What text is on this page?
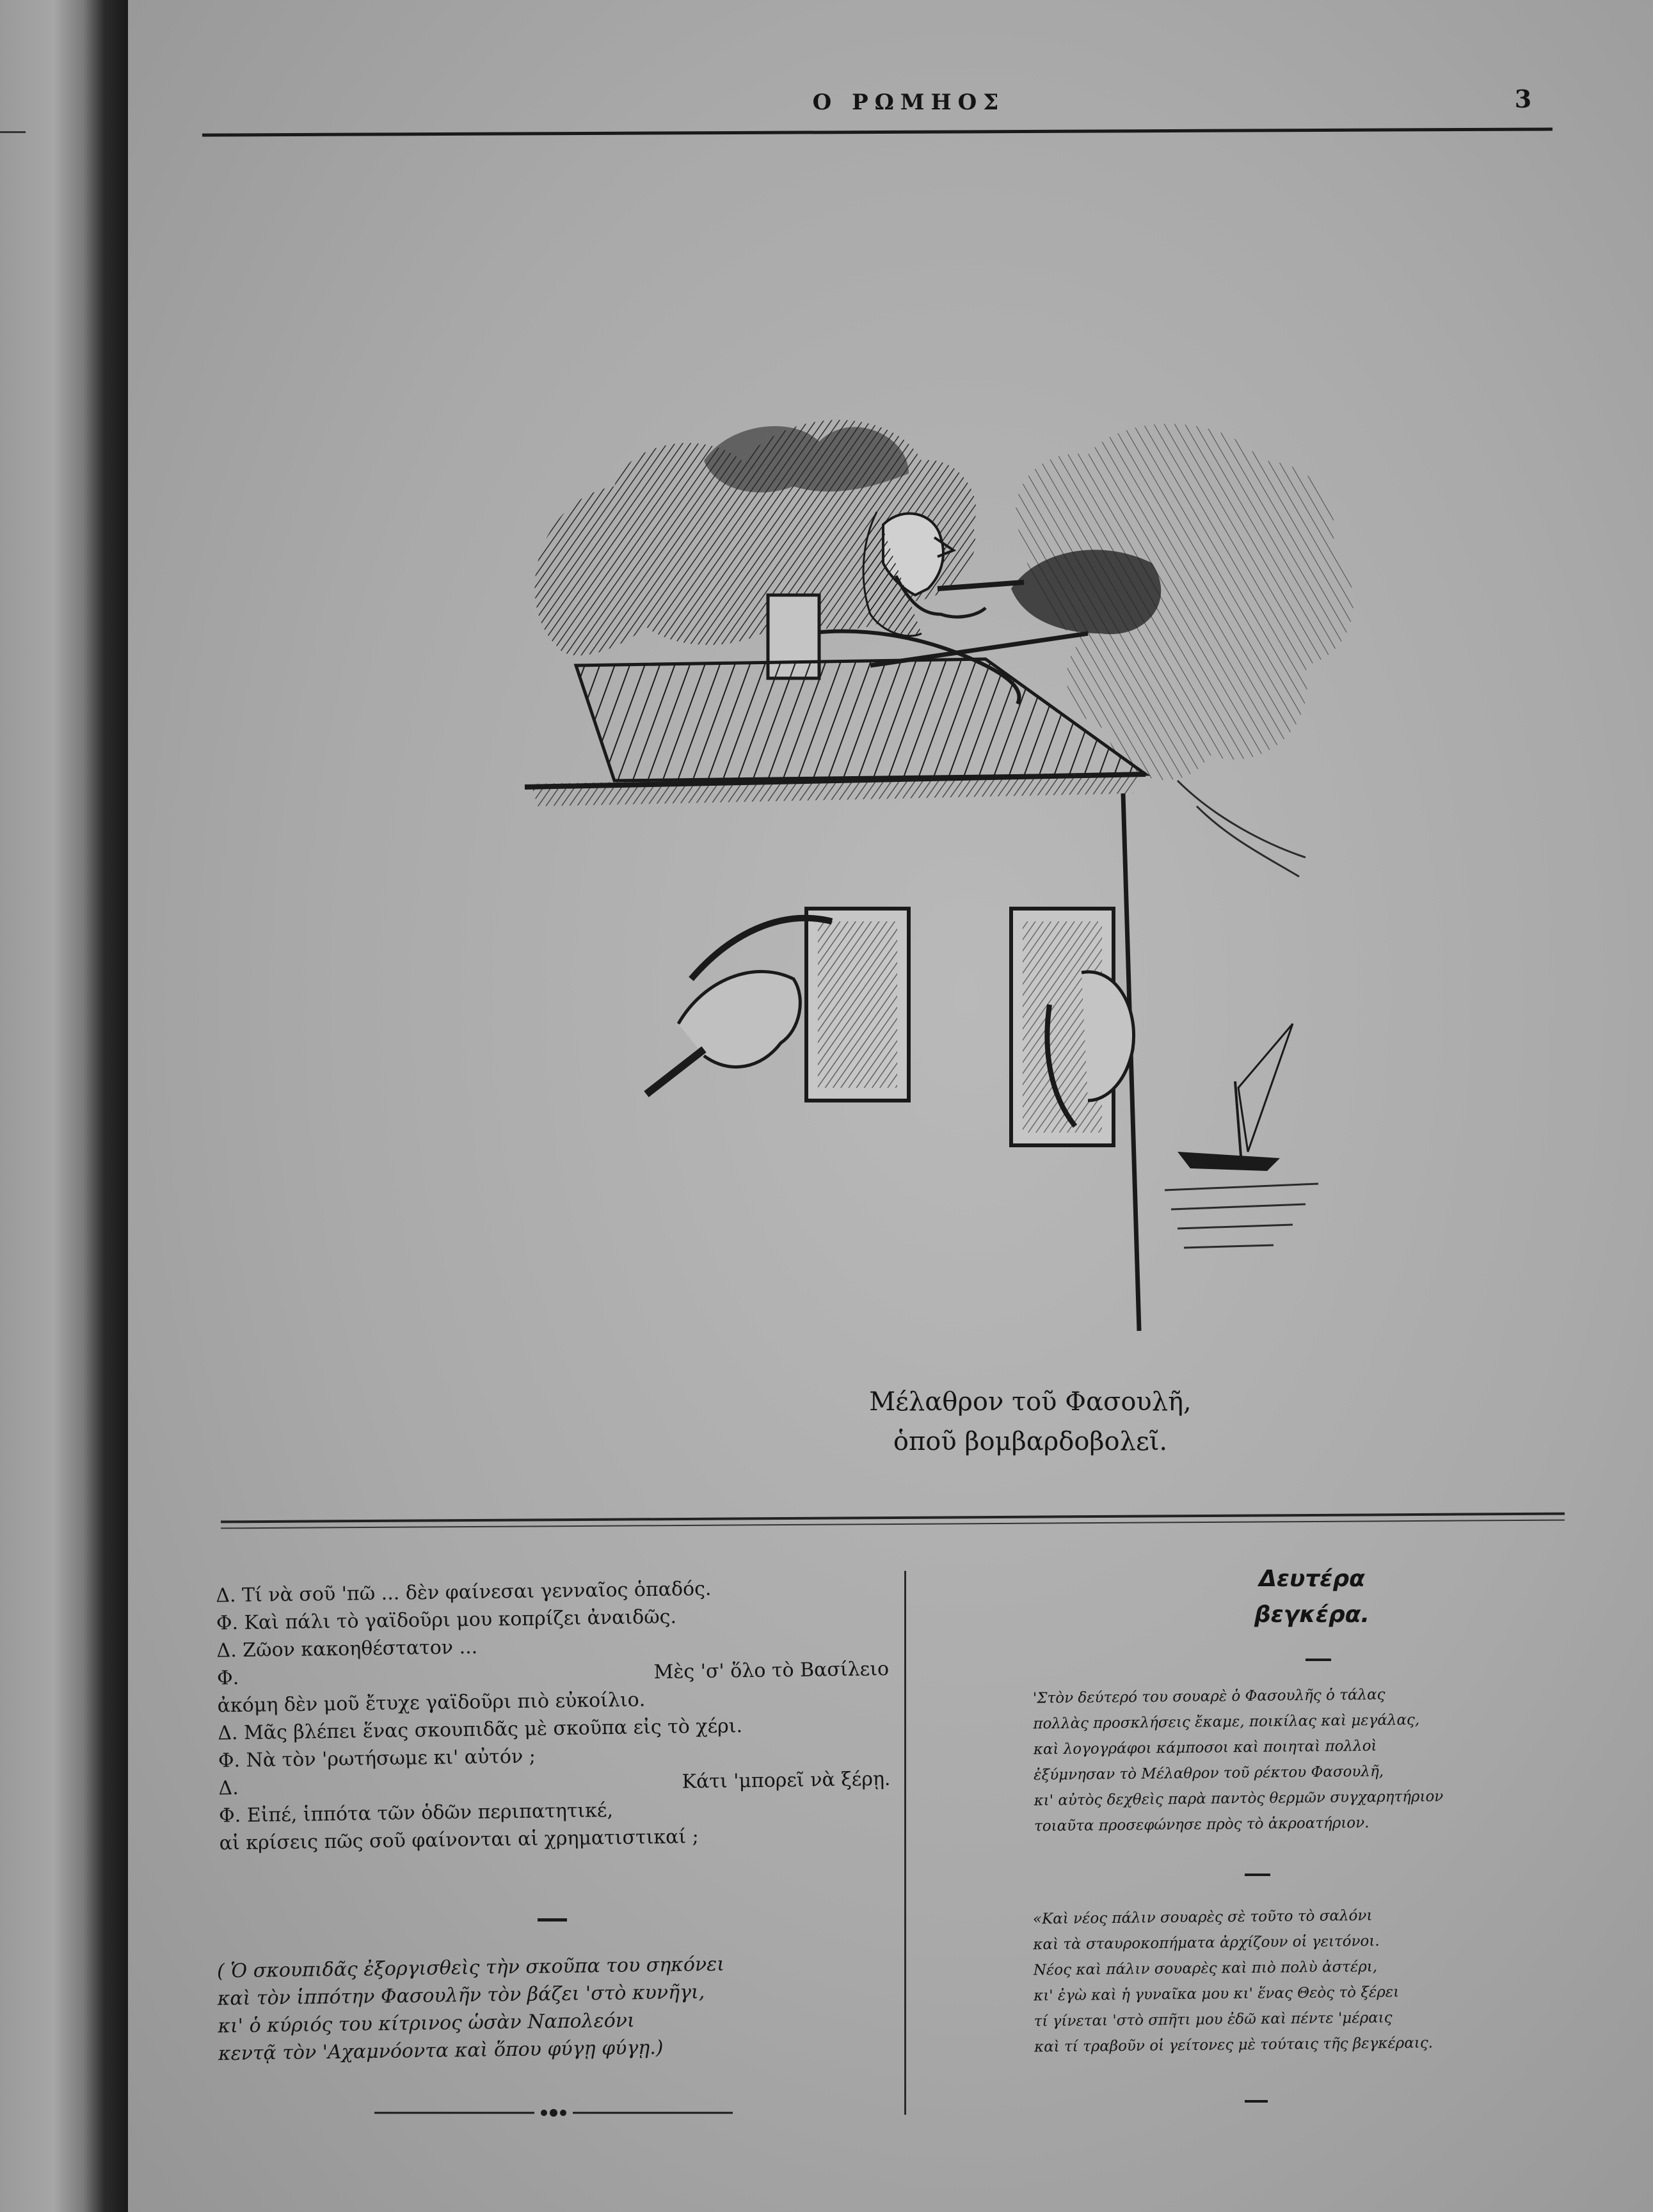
Ο ΡΩΜΗΟΣ	3
Μέλαθρον τοῦ Φασουλῆ,
ὁποῦ βομβαρδοβολεῖ.
Δ. Τί νὰ σοῦ 'πῶ ... δὲν φαίνεσαι γενναῖος ὁπαδός.
Φ. Καὶ πάλι τὸ γαϊδοῦρι μου κοπρίζει ἀναιδῶς.
Δ. Ζῶον κακοηθέστατον ...
Φ.	Μὲς 'σ' ὅλο τὸ Βασίλειο
ἀκόμη δὲν μοῦ ἔτυχε γαϊδοῦρι πιὸ εὐκοίλιο.
Δ. Μᾶς βλέπει ἕνας σκουπιδᾶς μὲ σκοῦπα εἰς τὸ χέρι.
Φ. Νὰ τὸν 'ρωτήσωμε κι' αὐτόν ;
Δ.	Κάτι 'μπορεῖ νὰ ξέρῃ.
Φ. Εἰπέ, ἱππότα τῶν ὁδῶν περιπατητικέ,
αἱ κρίσεις πῶς σοῦ φαίνονται αἱ χρηματιστικαί ;
( Ὁ σκουπιδᾶς ἐξοργισθεὶς τὴν σκοῦπα του σηκόνει
καὶ τὸν ἱππότην Φασουλῆν τὸν βάζει 'στὸ κυνῆγι,
κι' ὁ κύριός του κίτρινος ὡσὰν Ναπολεόνι
κεντᾷ τὸν 'Αχαμνόοντα καὶ ὅπου φύγῃ φύγῃ.)
Δευτέρα
βεγκέρα.
'Στὸν δεύτερό του σουαρὲ ὁ Φασουλῆς ὁ τάλας
πολλὰς προσκλήσεις ἔκαμε, ποικίλας καὶ μεγάλας,
καὶ λογογράφοι κάμποσοι καὶ ποιηταὶ πολλοὶ
ἐξύμνησαν τὸ Μέλαθρον τοῦ ρέκτου Φασουλῆ,
κι' αὐτὸς δεχθεὶς παρὰ παντὸς θερμῶν συγχαρητήριον
τοιαῦτα προσεφώνησε πρὸς τὸ ἀκροατήριον.
«Καὶ νέος πάλιν σουαρὲς σὲ τοῦτο τὸ σαλόνι
καὶ τὰ σταυροκοπήματα ἀρχίζουν οἱ γειτόνοι.
Νέος καὶ πάλιν σουαρὲς καὶ πιὸ πολὺ ἀστέρι,
κι' ἐγὼ καὶ ἡ γυναῖκα μου κι' ἕνας Θεὸς τὸ ξέρει
τί γίνεται 'στὸ σπῆτι μου ἐδῶ καὶ πέντε 'μέραις
καὶ τί τραβοῦν οἱ γείτονες μὲ τούταις τῆς βεγκέραις.
